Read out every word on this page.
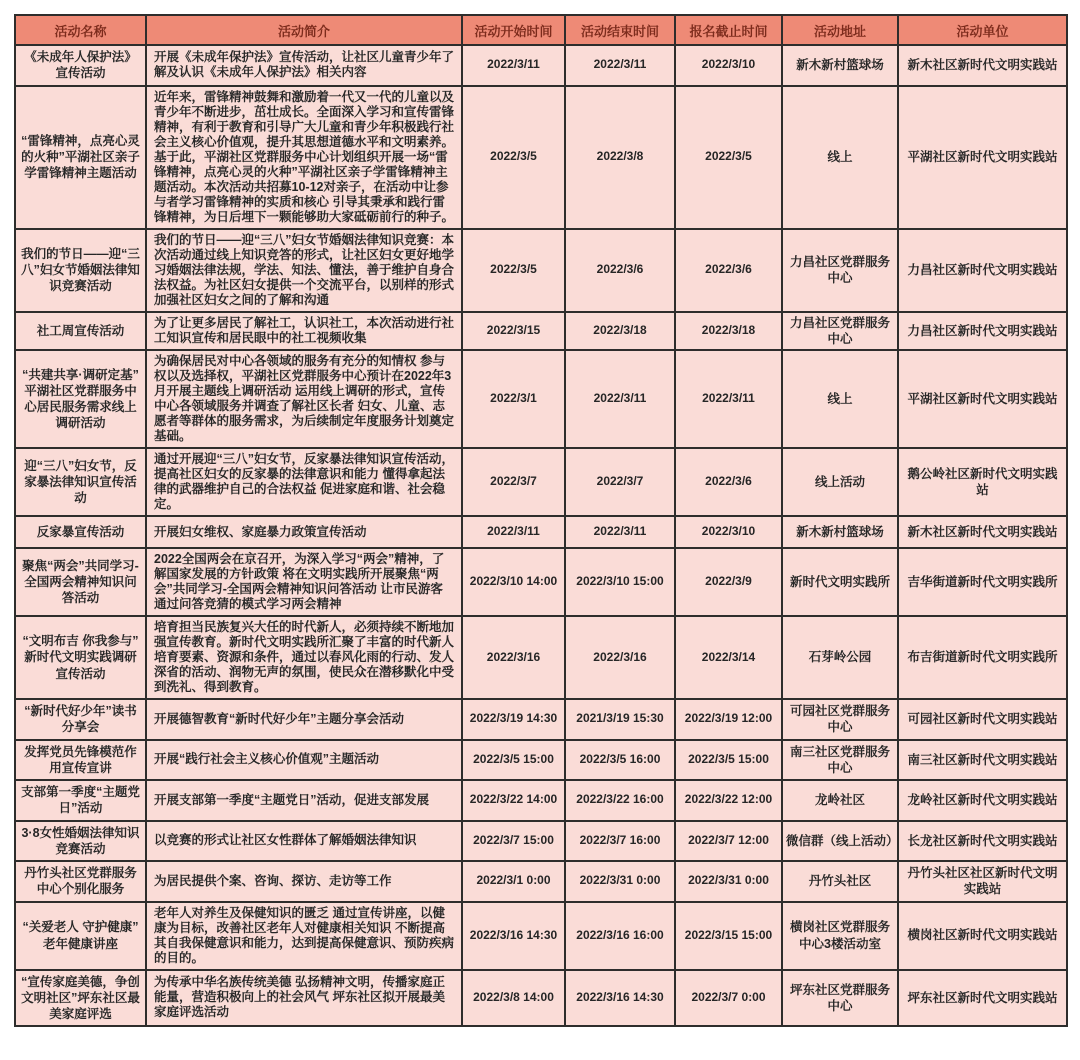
活动名称	活动简介	活动开始时间	活动结束时间	报名截止时间	活动地址	活动单位
《未成年人保护法》宣传活动	开展《未成年保护法》宣传活动，让社区儿童青少年了解及认识《未成年人保护法》相关内容	2022/3/11	2022/3/11	2022/3/10	新木新村篮球场	新木社区新时代文明实践站
“雷锋精神，点亮心灵的火种”平湖社区亲子学雷锋精神主题活动	近年来，雷锋精神鼓舞和激励着一代又一代的儿童以及青少年不断进步，茁壮成长。全面深入学习和宣传雷锋精神，有利于教育和引导广大儿童和青少年积极践行社会主义核心价值观，提升其思想道德水平和文明素养。基于此，平湖社区党群服务中心计划组织开展一场“雷锋精神，点亮心灵的火种”平湖社区亲子学雷锋精神主题活动。本次活动共招募10-12对亲子，在活动中让参与者学习雷锋精神的实质和核心 引导其秉承和践行雷锋精神，为日后埋下一颗能够助大家砥砺前行的种子。	2022/3/5	2022/3/8	2022/3/5	线上	平湖社区新时代文明实践站
我们的节日——迎“三八”妇女节婚姻法律知识竞赛活动	我们的节日——迎“三八”妇女节婚姻法律知识竞赛：本次活动通过线上知识竞答的形式，让社区妇女更好地学习婚姻法律法规，学法、知法、懂法，善于维护自身合法权益。为社区妇女提供一个交流平台，以别样的形式加强社区妇女之间的了解和沟通	2022/3/5	2022/3/6	2022/3/6	力昌社区党群服务中心	力昌社区新时代文明实践站
社工周宣传活动	为了让更多居民了解社工，认识社工，本次活动进行社工知识宣传和居民眼中的社工视频收集	2022/3/15	2022/3/18	2022/3/18	力昌社区党群服务中心	力昌社区新时代文明实践站
“共建共享·调研定基”平湖社区党群服务中心居民服务需求线上调研活动	为确保居民对中心各领域的服务有充分的知情权 参与权以及选择权，平湖社区党群服务中心预计在2022年3月开展主题线上调研活动 运用线上调研的形式，宣传中心各领域服务并调查了解社区长者 妇女、儿童、志愿者等群体的服务需求，为后续制定年度服务计划奠定基础。	2022/3/1	2022/3/11	2022/3/11	线上	平湖社区新时代文明实践站
迎“三八”妇女节，反家暴法律知识宣传活动	通过开展迎“三八”妇女节，反家暴法律知识宣传活动，提高社区妇女的反家暴的法律意识和能力 懂得拿起法律的武器维护自己的合法权益 促进家庭和谐、社会稳定。	2022/3/7	2022/3/7	2022/3/6	线上活动	鹅公岭社区新时代文明实践站
反家暴宣传活动	开展妇女维权、家庭暴力政策宣传活动	2022/3/11	2022/3/11	2022/3/10	新木新村篮球场	新木社区新时代文明实践站
聚焦“两会”共同学习-全国两会精神知识问答活动	2022全国两会在京召开，为深入学习“两会”精神，了解国家发展的方针政策 将在文明实践所开展聚焦“两会”共同学习-全国两会精神知识问答活动 让市民游客通过问答竞猜的模式学习两会精神	2022/3/10 14:00	2022/3/10 15:00	2022/3/9	新时代文明实践所	吉华街道新时代文明实践所
“文明布吉 你我参与”新时代文明实践调研宣传活动	培育担当民族复兴大任的时代新人，必须持续不断地加强宣传教育。新时代文明实践所汇聚了丰富的时代新人培育要素、资源和条件，通过以春风化雨的行动、发人深省的活动、润物无声的氛围，使民众在潜移默化中受到洗礼、得到教育。	2022/3/16	2022/3/16	2022/3/14	石芽岭公园	布吉街道新时代文明实践所
“新时代好少年”读书分享会	开展德智教育“新时代好少年”主题分享会活动	2022/3/19 14:30	2021/3/19 15:30	2022/3/19 12:00	可园社区党群服务中心	可园社区新时代文明实践站
发挥党员先锋模范作用宣传宣讲	开展“践行社会主义核心价值观”主题活动	2022/3/5 15:00	2022/3/5 16:00	2022/3/5 15:00	南三社区党群服务中心	南三社区新时代文明实践站
支部第一季度“主题党日”活动	开展支部第一季度“主题党日”活动，促进支部发展	2022/3/22 14:00	2022/3/22 16:00	2022/3/22 12:00	龙岭社区	龙岭社区新时代文明实践站
3·8女性婚姻法律知识竞赛活动	以竞赛的形式让社区女性群体了解婚姻法律知识	2022/3/7 15:00	2022/3/7 16:00	2022/3/7 12:00	微信群（线上活动）	长龙社区新时代文明实践站
丹竹头社区党群服务中心个别化服务	为居民提供个案、咨询、探访、走访等工作	2022/3/1 0:00	2022/3/31 0:00	2022/3/31 0:00	丹竹头社区	丹竹头社区社区新时代文明实践站
“关爱老人 守护健康”老年健康讲座	老年人对养生及保健知识的匮乏 通过宣传讲座，以健康为目标，改善社区老年人对健康相关知识 不断提高其自我保健意识和能力，达到提高保健意识、预防疾病的目的。	2022/3/16 14:30	2022/3/16 16:00	2022/3/15 15:00	横岗社区党群服务中心3楼活动室	横岗社区新时代文明实践站
“宣传家庭美德，争创文明社区”坪东社区最美家庭评选	为传承中华名族传统美德 弘扬精神文明，传播家庭正能量，营造积极向上的社会风气 坪东社区拟开展最美家庭评选活动	2022/3/8 14:00	2022/3/16 14:30	2022/3/7 0:00	坪东社区党群服务中心	坪东社区新时代文明实践站
